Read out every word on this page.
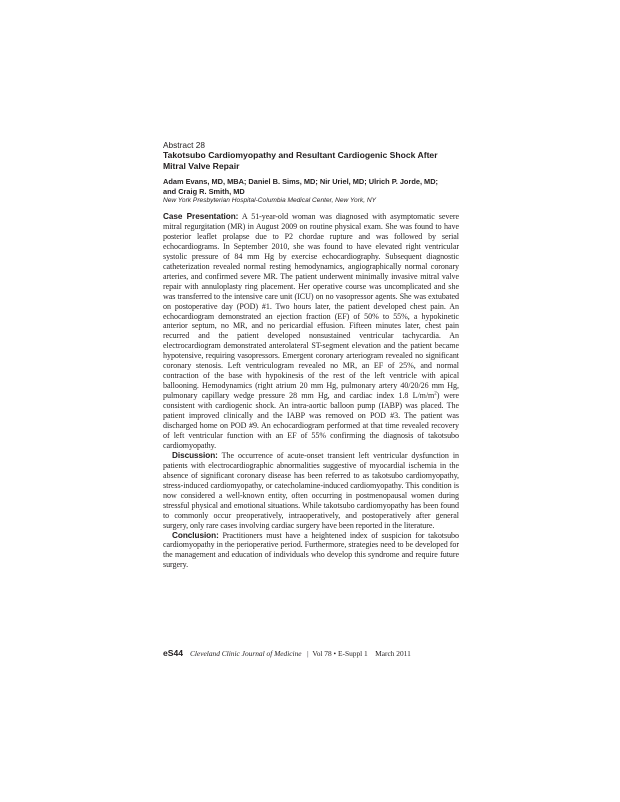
Abstract 28

Takotsubo Cardiomyopathy and Resultant Cardiogenic Shock After
Mitral Valve Repair

Adam Evans, MD, MBA; Daniel B. Sims, MD; Nir Uriel, MD; Ulrich P. Jorde, MD;
and Craig R. Smith, MD

New York Presbyterian Hospital-Columbia Medical Center, New York, NY

Case Presentation: A 51-year-old woman was diagnosed with asymptomatic severe mitral regurgitation (MR) in August 2009 on routine physical exam. She was found to have posterior leaflet prolapse due to P2 chordae rupture and was followed by serial echocardiograms. In September 2010, she was found to have elevated right ventricular systolic pressure of 84 mm Hg by exercise echocardiography. Subsequent diagnostic catheterization revealed normal resting hemodynamics, angiographically normal coronary arteries, and confirmed severe MR. The patient underwent minimally invasive mitral valve repair with annuloplasty ring placement. Her operative course was uncomplicated and she was transferred to the intensive care unit (ICU) on no vasopressor agents. She was extubated on postoperative day (POD) #1. Two hours later, the patient developed chest pain. An echocardiogram demonstrated an ejection fraction (EF) of 50% to 55%, a hypokinetic anterior septum, no MR, and no pericardial effusion. Fifteen minutes later, chest pain recurred and the patient developed nonsustained ventricular tachycardia. An electrocardiogram demonstrated anterolateral ST-segment elevation and the patient became hypotensive, requiring vasopressors. Emergent coronary arteriogram revealed no significant coronary stenosis. Left ventriculogram revealed no MR, an EF of 25%, and normal contraction of the base with hypokinesis of the rest of the left ventricle with apical ballooning. Hemodynamics (right atrium 20 mm Hg, pulmonary artery 40/20/26 mm Hg, pulmonary capillary wedge pressure 28 mm Hg, and cardiac index 1.8 $L/m/m^2$) were consistent with cardiogenic shock. An intra-aortic balloon pump (IABP) was placed. The patient improved clinically and the IABP was removed on POD #3. The patient was discharged home on POD #9. An echocardiogram performed at that time revealed recovery of left ventricular function with an EF of 55% confirming the diagnosis of takotsubo cardiomyopathy.

Discussion: The occurrence of acute-onset transient left ventricular dysfunction in patients with electrocardiographic abnormalities suggestive of myocardial ischemia in the absence of significant coronary disease has been referred to as takotsubo cardiomyopathy, stress-induced cardiomyopathy, or catecholamine-induced cardiomyopathy. This condition is now considered a well-known entity, often occurring in postmenopausal women during stressful physical and emotional situations. While takotsubo cardiomyopathy has been found to commonly occur preoperatively, intraoperatively, and postoperatively after general surgery, only rare cases involving cardiac surgery have been reported in the literature.

Conclusion: Practitioners must have a heightened index of suspicion for takotsubo cardiomyopathy in the perioperative period. Furthermore, strategies need to be developed for the management and education of individuals who develop this syndrome and require future surgery.

eS44 Cleveland Clinic Journal of Medicine   |  Vol 78 • E-Suppl 1 March 2011
